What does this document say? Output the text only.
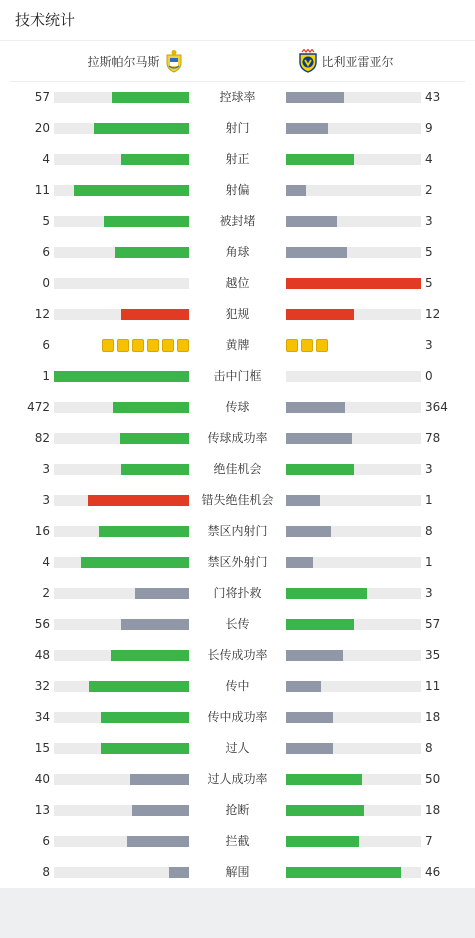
技术统计
拉斯帕尔马斯	比利亚雷亚尔
57	控球率	43
20	射门	9
4	射正	4
11	射偏	2
5	被封堵	3
6	角球	5
0	越位	5
12	犯规	12
6	黄牌	3
1	击中门框	0
472	传球	364
82	传球成功率	78
3	绝佳机会	3
3	错失绝佳机会	1
16	禁区内射门	8
4	禁区外射门	1
2	门将扑救	3
56	长传	57
48	长传成功率	35
32	传中	11
34	传中成功率	18
15	过人	8
40	过人成功率	50
13	抢断	18
6	拦截	7
8	解围	46
